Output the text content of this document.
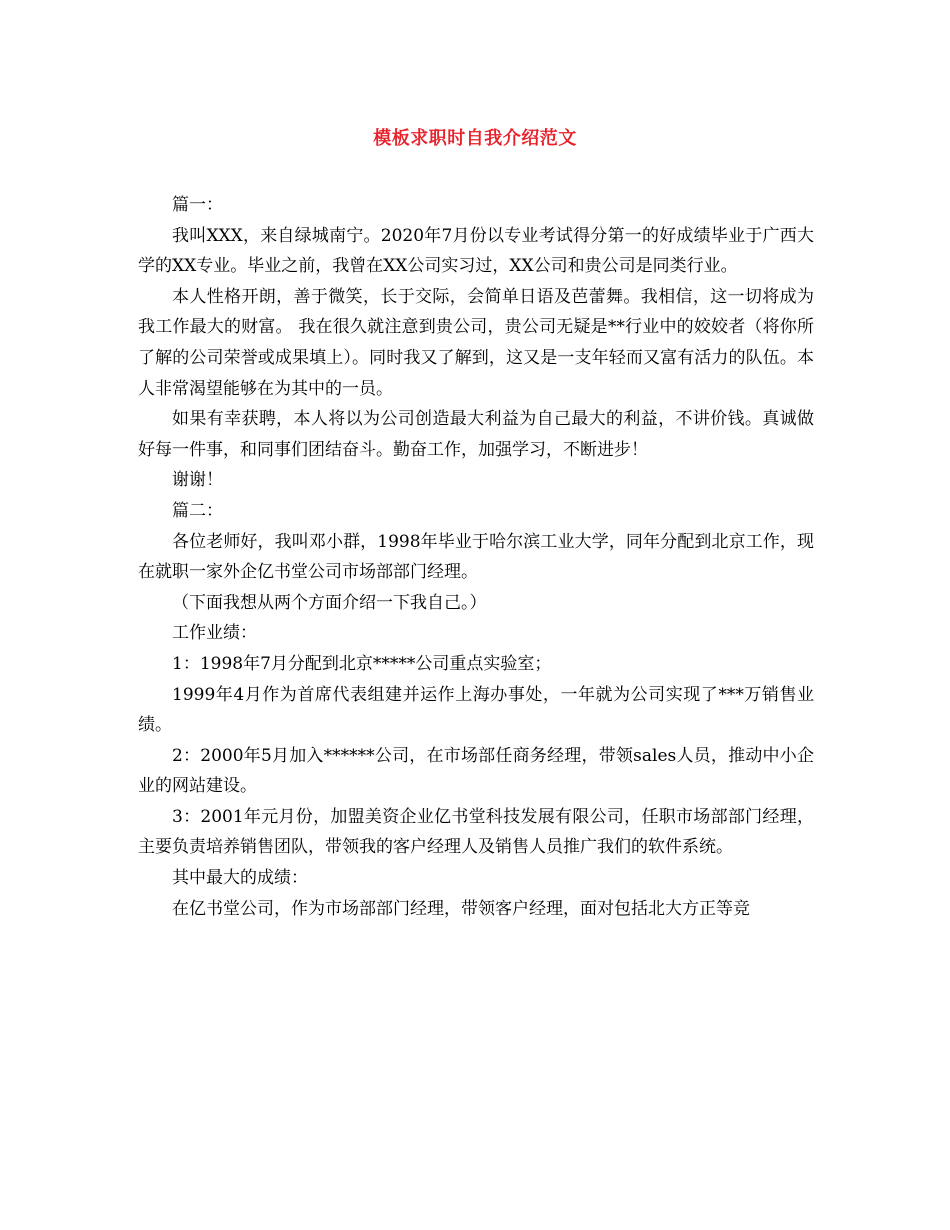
模板求职时自我介绍范文

篇一：

我叫XXX，来自绿城南宁。2020年7月份以专业考试得分第一的好成绩毕业于广西大学的XX专业。毕业之前，我曾在XX公司实习过，XX公司和贵公司是同类行业。

本人性格开朗，善于微笑，长于交际，会简单日语及芭蕾舞。我相信，这一切将成为我工作最大的财富。 我在很久就注意到贵公司，贵公司无疑是**行业中的姣姣者（将你所了解的公司荣誉或成果填上）。同时我又了解到，这又是一支年轻而又富有活力的队伍。本人非常渴望能够在为其中的一员。

如果有幸获聘，本人将以为公司创造最大利益为自己最大的利益，不讲价钱。真诚做好每一件事，和同事们团结奋斗。勤奋工作，加强学习，不断进步！

谢谢！

篇二：

各位老师好，我叫邓小群，1998年毕业于哈尔滨工业大学，同年分配到北京工作，现在就职一家外企亿书堂公司市场部部门经理。

（下面我想从两个方面介绍一下我自己。）

工作业绩：

1：1998年7月分配到北京*****公司重点实验室；

1999年4月作为首席代表组建并运作上海办事处，一年就为公司实现了***万销售业绩。

2：2000年5月加入******公司，在市场部任商务经理，带领sales人员，推动中小企业的网站建设。

3：2001年元月份，加盟美资企业亿书堂科技发展有限公司，任职市场部部门经理，主要负责培养销售团队，带领我的客户经理人及销售人员推广我们的软件系统。

其中最大的成绩：

在亿书堂公司，作为市场部部门经理，带领客户经理，面对包括北大方正等竞
